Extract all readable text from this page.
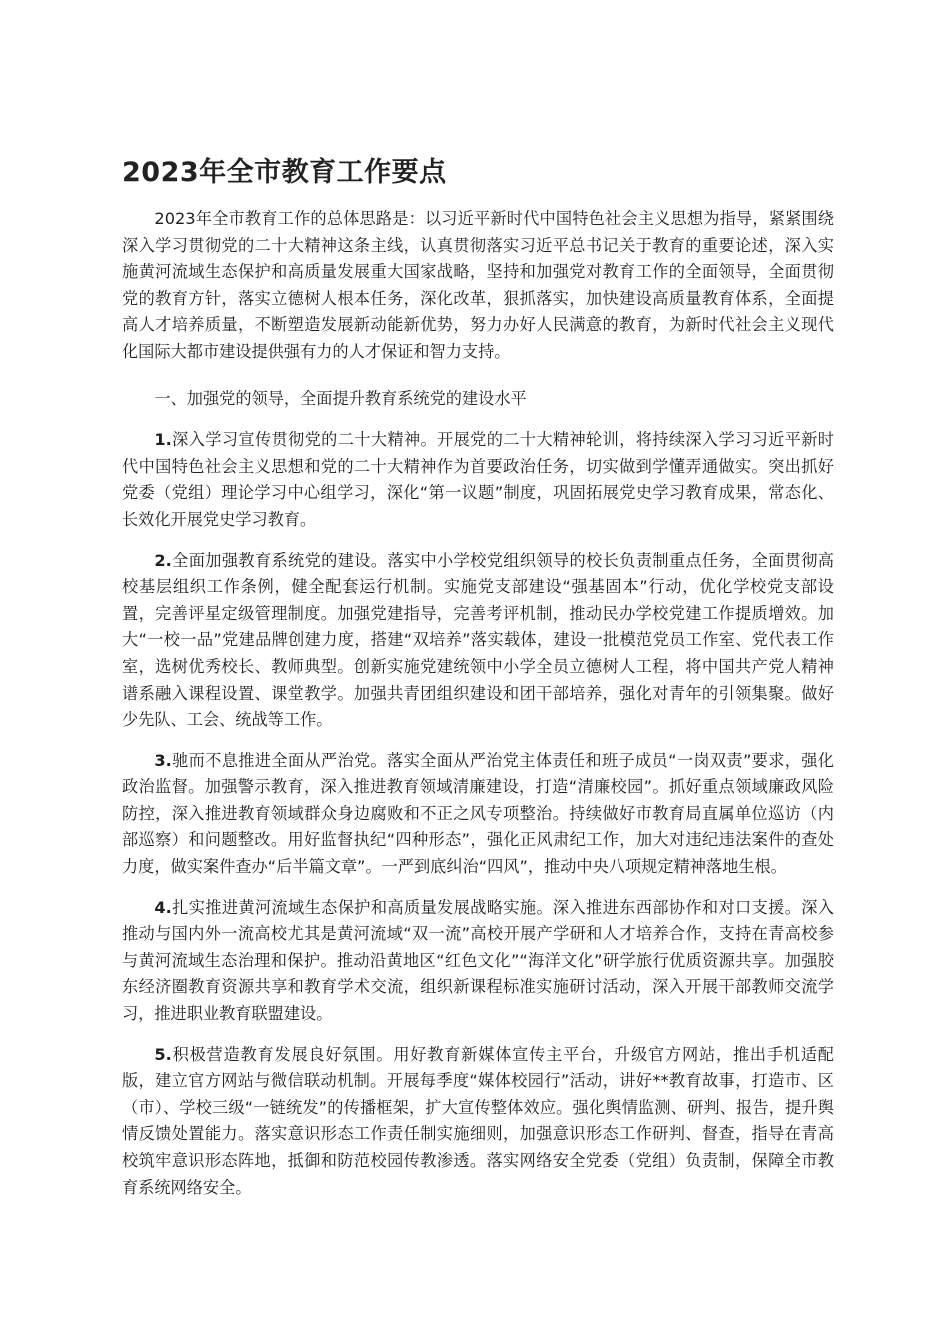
2023年全市教育工作要点

2023年全市教育工作的总体思路是：以习近平新时代中国特色社会主义思想为指导，紧紧围绕深入学习贯彻党的二十大精神这条主线，认真贯彻落实习近平总书记关于教育的重要论述，深入实施黄河流域生态保护和高质量发展重大国家战略，坚持和加强党对教育工作的全面领导，全面贯彻党的教育方针，落实立德树人根本任务，深化改革，狠抓落实，加快建设高质量教育体系，全面提高人才培养质量，不断塑造发展新动能新优势，努力办好人民满意的教育，为新时代社会主义现代化国际大都市建设提供强有力的人才保证和智力支持。

一、加强党的领导，全面提升教育系统党的建设水平

1.深入学习宣传贯彻党的二十大精神。开展党的二十大精神轮训，将持续深入学习习近平新时代中国特色社会主义思想和党的二十大精神作为首要政治任务，切实做到学懂弄通做实。突出抓好党委（党组）理论学习中心组学习，深化“第一议题”制度，巩固拓展党史学习教育成果，常态化、长效化开展党史学习教育。

2.全面加强教育系统党的建设。落实中小学校党组织领导的校长负责制重点任务，全面贯彻高校基层组织工作条例，健全配套运行机制。实施党支部建设“强基固本”行动，优化学校党支部设置，完善评星定级管理制度。加强党建指导，完善考评机制，推动民办学校党建工作提质增效。加大“一校一品”党建品牌创建力度，搭建“双培养”落实载体，建设一批模范党员工作室、党代表工作室，选树优秀校长、教师典型。创新实施党建统领中小学全员立德树人工程，将中国共产党人精神谱系融入课程设置、课堂教学。加强共青团组织建设和团干部培养，强化对青年的引领集聚。做好少先队、工会、统战等工作。

3.驰而不息推进全面从严治党。落实全面从严治党主体责任和班子成员“一岗双责”要求，强化政治监督。加强警示教育，深入推进教育领域清廉建设，打造“清廉校园”。抓好重点领域廉政风险防控，深入推进教育领域群众身边腐败和不正之风专项整治。持续做好市教育局直属单位巡访（内部巡察）和问题整改。用好监督执纪“四种形态”，强化正风肃纪工作，加大对违纪违法案件的查处力度，做实案件查办“后半篇文章”。一严到底纠治“四风”，推动中央八项规定精神落地生根。

4.扎实推进黄河流域生态保护和高质量发展战略实施。深入推进东西部协作和对口支援。深入推动与国内外一流高校尤其是黄河流域“双一流”高校开展产学研和人才培养合作，支持在青高校参与黄河流域生态治理和保护。推动沿黄地区“红色文化”“海洋文化”研学旅行优质资源共享。加强胶东经济圈教育资源共享和教育学术交流，组织新课程标准实施研讨活动，深入开展干部教师交流学习，推进职业教育联盟建设。

5.积极营造教育发展良好氛围。用好教育新媒体宣传主平台，升级官方网站，推出手机适配版，建立官方网站与微信联动机制。开展每季度“媒体校园行”活动，讲好**教育故事，打造市、区（市）、学校三级“一链统发”的传播框架，扩大宣传整体效应。强化舆情监测、研判、报告，提升舆情反馈处置能力。落实意识形态工作责任制实施细则，加强意识形态工作研判、督查，指导在青高校筑牢意识形态阵地，抵御和防范校园传教渗透。落实网络安全党委（党组）负责制，保障全市教育系统网络安全。
